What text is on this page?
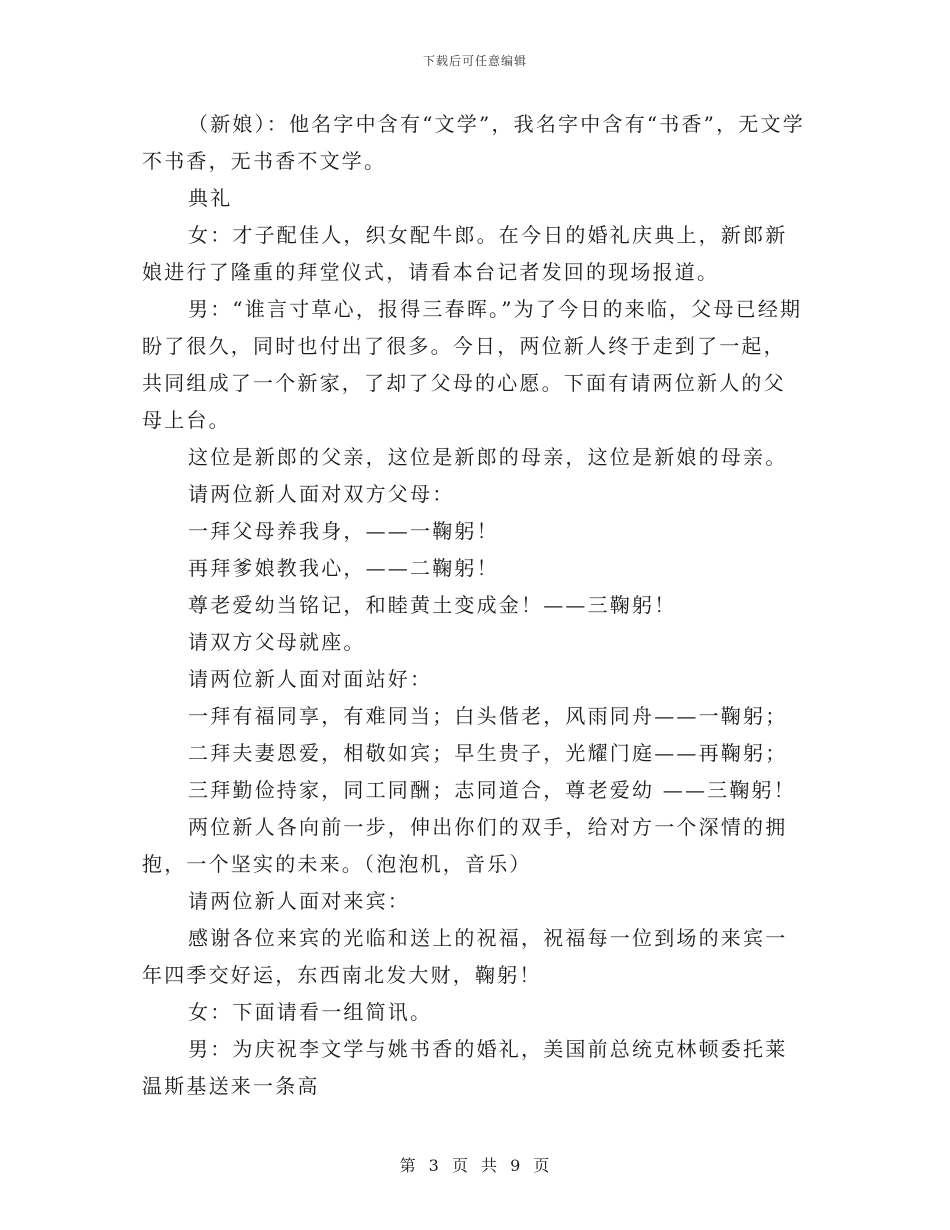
下载后可任意编辑

（新娘）：他名字中含有“文学”，我名字中含有“书香”，无文学不书香，无书香不文学。

典礼

女：才子配佳人，织女配牛郎。在今日的婚礼庆典上，新郎新娘进行了隆重的拜堂仪式，请看本台记者发回的现场报道。

男：“谁言寸草心，报得三春晖。”为了今日的来临，父母已经期盼了很久，同时也付出了很多。今日，两位新人终于走到了一起，共同组成了一个新家，了却了父母的心愿。下面有请两位新人的父母上台。

这位是新郎的父亲，这位是新郎的母亲，这位是新娘的母亲。

请两位新人面对双方父母：

一拜父母养我身，——一鞠躬！

再拜爹娘教我心，——二鞠躬！

尊老爱幼当铭记，和睦黄土变成金！——三鞠躬！

请双方父母就座。

请两位新人面对面站好：

一拜有福同享，有难同当；白头偕老，风雨同舟——一鞠躬；

二拜夫妻恩爱，相敬如宾；早生贵子，光耀门庭——再鞠躬；

三拜勤俭持家，同工同酬；志同道合，尊老爱幼 ——三鞠躬！

两位新人各向前一步，伸出你们的双手，给对方一个深情的拥抱，一个坚实的未来。（泡泡机，音乐）

请两位新人面对来宾：

感谢各位来宾的光临和送上的祝福，祝福每一位到场的来宾一年四季交好运，东西南北发大财，鞠躬！

女：下面请看一组简讯。

男：为庆祝李文学与姚书香的婚礼，美国前总统克林顿委托莱温斯基送来一条高

第 3 页 共 9 页
